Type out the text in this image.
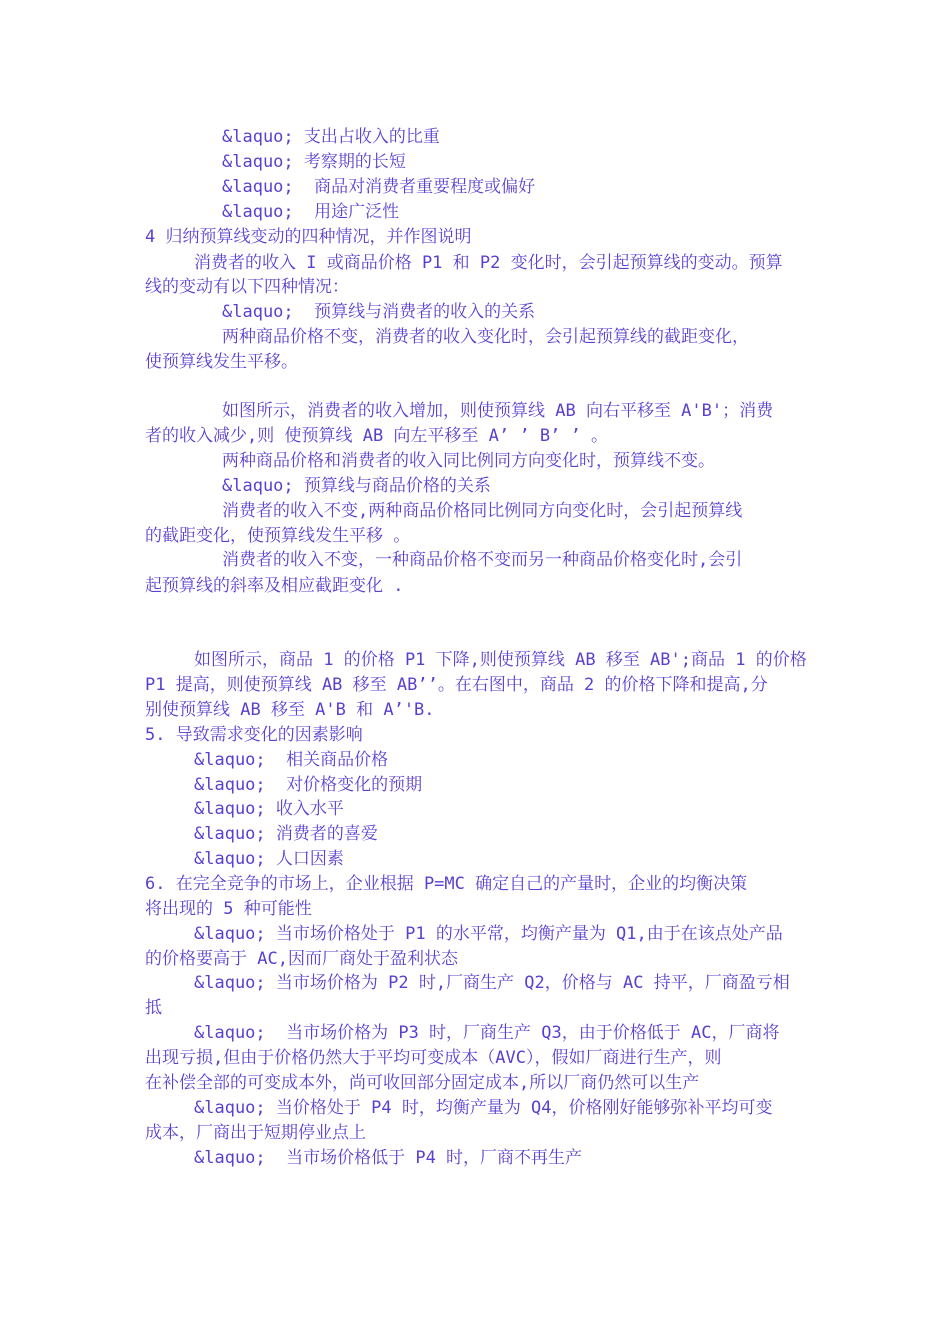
&laquo; 支出占收入的比重
&laquo; 考察期的长短
&laquo;  商品对消费者重要程度或偏好
&laquo;  用途广泛性
4 归纳预算线变动的四种情况，并作图说明
消费者的收入 I 或商品价格 P1 和 P2 变化时，会引起预算线的变动。预算
线的变动有以下四种情况：
&laquo;  预算线与消费者的收入的关系
两种商品价格不变，消费者的收入变化时，会引起预算线的截距变化，
使预算线发生平移。
如图所示，消费者的收入增加，则使预算线 AB 向右平移至 A'B'；消费
者的收入减少,则 使预算线 AB 向左平移至 A’ ’ B’ ’ 。
两种商品价格和消费者的收入同比例同方向变化时，预算线不变。
&laquo; 预算线与商品价格的关系
消费者的收入不变,两种商品价格同比例同方向变化时，会引起预算线
的截距变化，使预算线发生平移 。
消费者的收入不变，一种商品价格不变而另一种商品价格变化时,会引
起预算线的斜率及相应截距变化 .
如图所示，商品 1 的价格 P1 下降,则使预算线 AB 移至 AB';商品 1 的价格
P1 提高，则使预算线 AB 移至 AB’’。在右图中，商品 2 的价格下降和提高,分
别使预算线 AB 移至 A'B 和 A’'B.
5. 导致需求变化的因素影响
&laquo;  相关商品价格
&laquo;  对价格变化的预期
&laquo; 收入水平
&laquo; 消费者的喜爱
&laquo; 人口因素
6. 在完全竞争的市场上，企业根据 P=MC 确定自己的产量时，企业的均衡决策
将出现的 5 种可能性
&laquo; 当市场价格处于 P1 的水平常，均衡产量为 Q1,由于在该点处产品
的价格要高于 AC,因而厂商处于盈利状态
&laquo; 当市场价格为 P2 时,厂商生产 Q2，价格与 AC 持平，厂商盈亏相
抵
&laquo;  当市场价格为 P3 时，厂商生产 Q3，由于价格低于 AC，厂商将
出现亏损,但由于价格仍然大于平均可变成本（AVC），假如厂商进行生产，则
在补偿全部的可变成本外，尚可收回部分固定成本,所以厂商仍然可以生产
&laquo; 当价格处于 P4 时，均衡产量为 Q4，价格刚好能够弥补平均可变
成本，厂商出于短期停业点上
&laquo;  当市场价格低于 P4 时，厂商不再生产
